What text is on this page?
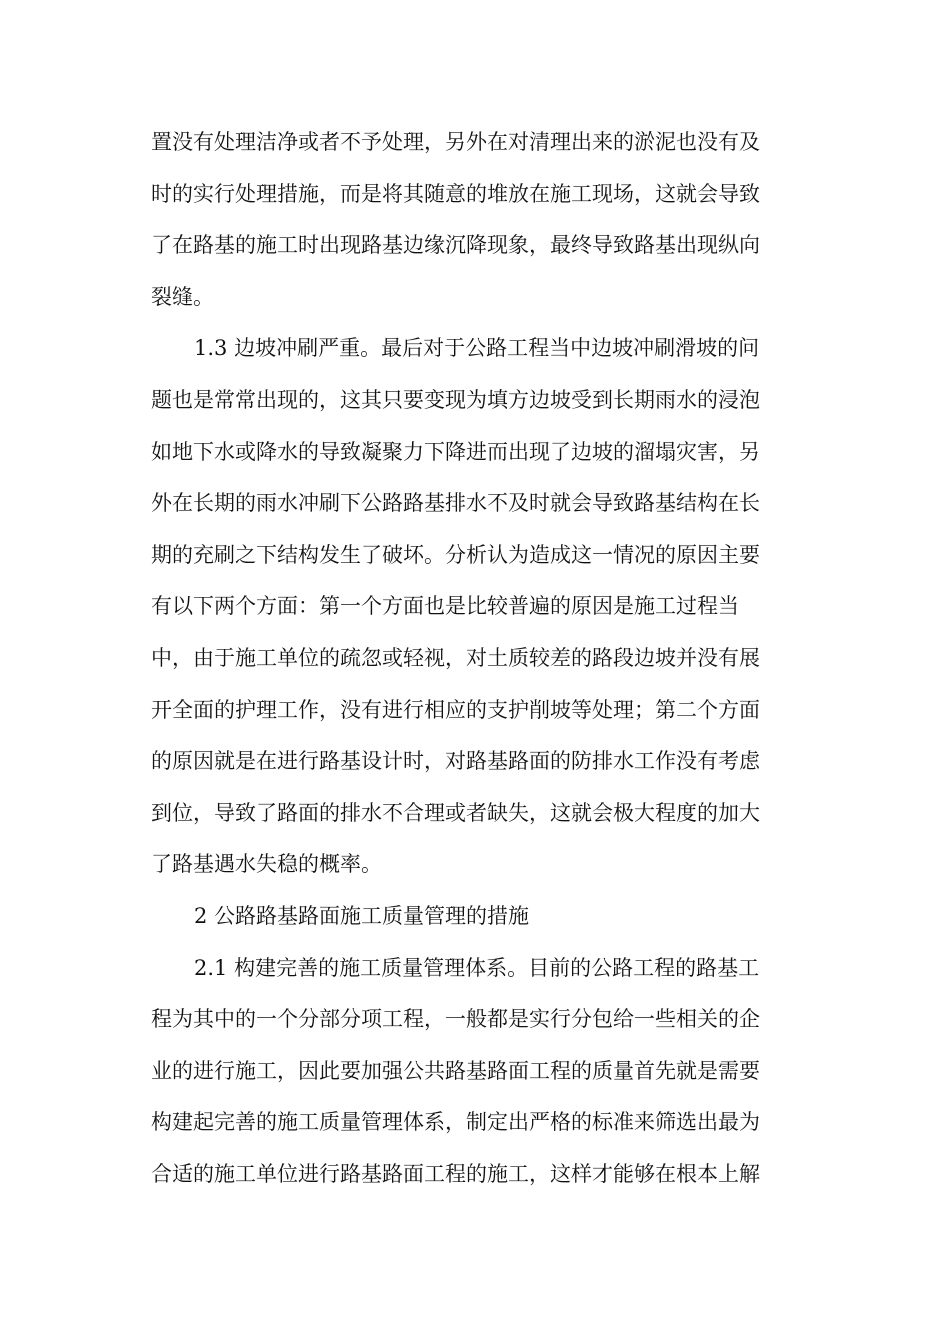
置没有处理洁净或者不予处理，另外在对清理出来的淤泥也没有及
时的实行处理措施，而是将其随意的堆放在施工现场，这就会导致
了在路基的施工时出现路基边缘沉降现象，最终导致路基出现纵向
裂缝。
1.3 边坡冲刷严重。最后对于公路工程当中边坡冲刷滑坡的问
题也是常常出现的，这其只要变现为填方边坡受到长期雨水的浸泡
如地下水或降水的导致凝聚力下降进而出现了边坡的溜塌灾害，另
外在长期的雨水冲刷下公路路基排水不及时就会导致路基结构在长
期的充刷之下结构发生了破坏。分析认为造成这一情况的原因主要
有以下两个方面：第一个方面也是比较普遍的原因是施工过程当
中，由于施工单位的疏忽或轻视，对土质较差的路段边坡并没有展
开全面的护理工作，没有进行相应的支护削坡等处理；第二个方面
的原因就是在进行路基设计时，对路基路面的防排水工作没有考虑
到位，导致了路面的排水不合理或者缺失，这就会极大程度的加大
了路基遇水失稳的概率。
2 公路路基路面施工质量管理的措施
2.1 构建完善的施工质量管理体系。目前的公路工程的路基工
程为其中的一个分部分项工程，一般都是实行分包给一些相关的企
业的进行施工，因此要加强公共路基路面工程的质量首先就是需要
构建起完善的施工质量管理体系，制定出严格的标准来筛选出最为
合适的施工单位进行路基路面工程的施工，这样才能够在根本上解
